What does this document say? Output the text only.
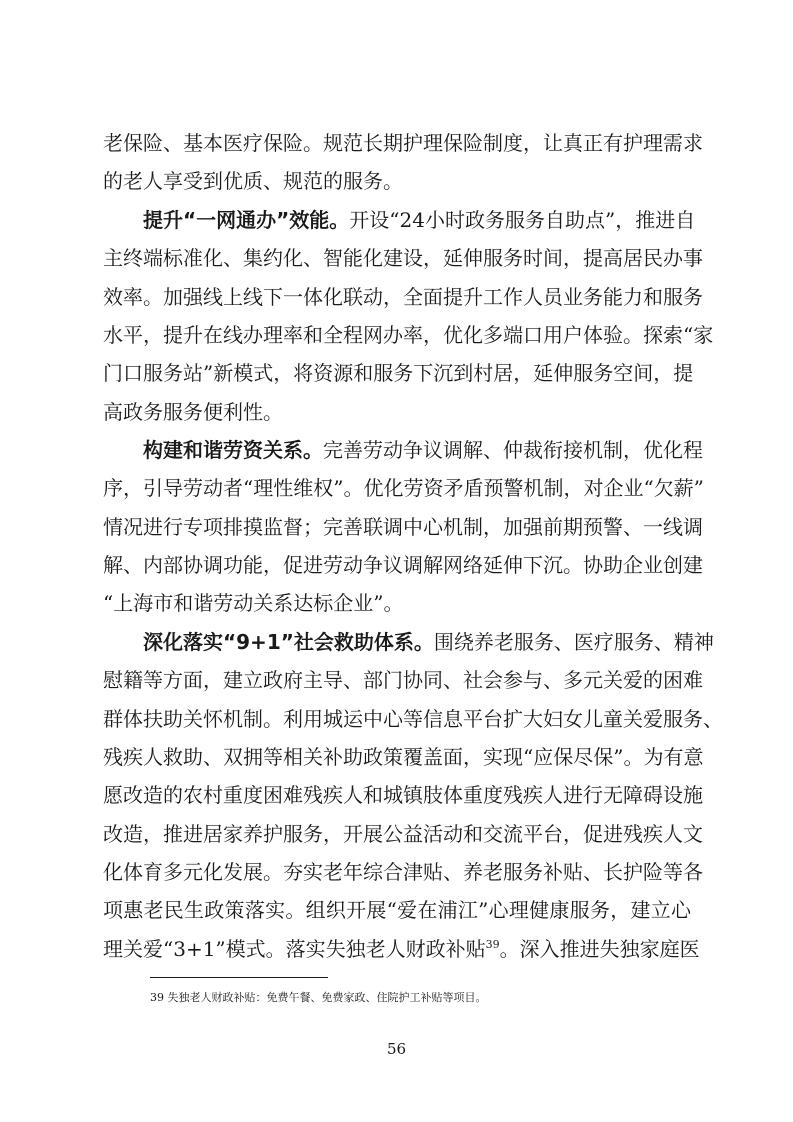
老保险、基本医疗保险。规范长期护理保险制度，让真正有护理需求
的老人享受到优质、规范的服务。
　　提升“一网通办”效能。开设“24小时政务服务自助点”，推进自
主终端标准化、集约化、智能化建设，延伸服务时间，提高居民办事
效率。加强线上线下一体化联动，全面提升工作人员业务能力和服务
水平，提升在线办理率和全程网办率，优化多端口用户体验。探索“家
门口服务站”新模式，将资源和服务下沉到村居，延伸服务空间，提
高政务服务便利性。
　　构建和谐劳资关系。完善劳动争议调解、仲裁衔接机制，优化程
序，引导劳动者“理性维权”。优化劳资矛盾预警机制，对企业“欠薪”
情况进行专项排摸监督；完善联调中心机制，加强前期预警、一线调
解、内部协调功能，促进劳动争议调解网络延伸下沉。协助企业创建
“上海市和谐劳动关系达标企业”。
　　深化落实“9+1”社会救助体系。围绕养老服务、医疗服务、精神
慰籍等方面，建立政府主导、部门协同、社会参与、多元关爱的困难
群体扶助关怀机制。利用城运中心等信息平台扩大妇女儿童关爱服务、
残疾人救助、双拥等相关补助政策覆盖面，实现“应保尽保”。为有意
愿改造的农村重度困难残疾人和城镇肢体重度残疾人进行无障碍设施
改造，推进居家养护服务，开展公益活动和交流平台，促进残疾人文
化体育多元化发展。夯实老年综合津贴、养老服务补贴、长护险等各
项惠老民生政策落实。组织开展“爱在浦江”心理健康服务，建立心
理关爱“3+1”模式。落实失独老人财政补贴$^{39}$。深入推进失独家庭医
39 失独老人财政补贴：免费午餐、免费家政、住院护工补贴等项目。
56
